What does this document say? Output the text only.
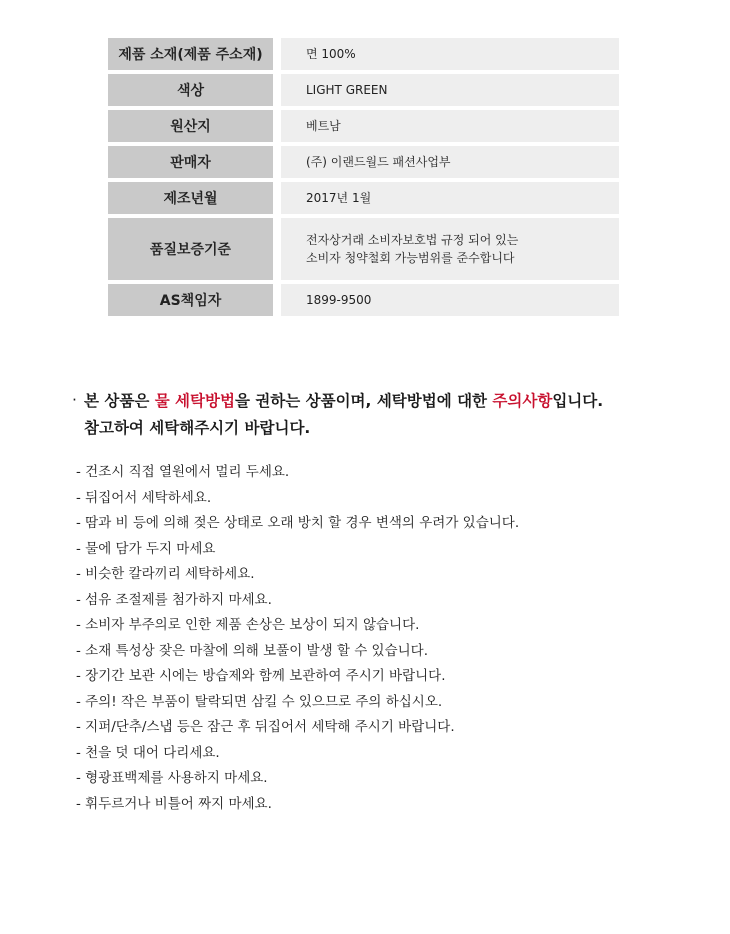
제품 소재(제품 주소재)		면 100%

색상		LIGHT GREEN

원산지		베트남

판매자		(주) 이랜드월드 패션사업부

제조년월		2017년 1월

품질보증기준		전자상거래 소비자보호법 규정 되어 있는
소비자 청약철회 가능범위를 준수합니다

AS책임자		1899-9500
· 본 상품은 물 세탁방법을 권하는 상품이며, 세탁방법에 대한 주의사항입니다.
참고하여 세탁해주시기 바랍니다.
- 건조시 직접 열원에서 멀리 두세요.
- 뒤집어서 세탁하세요.
- 땀과 비 등에 의해 젖은 상태로 오래 방치 할 경우 변색의 우려가 있습니다.
- 물에 담가 두지 마세요
- 비슷한 칼라끼리 세탁하세요.
- 섬유 조절제를 첨가하지 마세요.
- 소비자 부주의로 인한 제품 손상은 보상이 되지 않습니다.
- 소재 특성상 잦은 마찰에 의해 보풀이 발생 할 수 있습니다.
- 장기간 보관 시에는 방습제와 함께 보관하여 주시기 바랍니다.
- 주의! 작은 부품이 탈락되면 삼킬 수 있으므로 주의 하십시오.
- 지퍼/단추/스냅 등은 잠근 후 뒤집어서 세탁해 주시기 바랍니다.
- 천을 덧 대어 다리세요.
- 형광표백제를 사용하지 마세요.
- 휘두르거나 비틀어 짜지 마세요.
